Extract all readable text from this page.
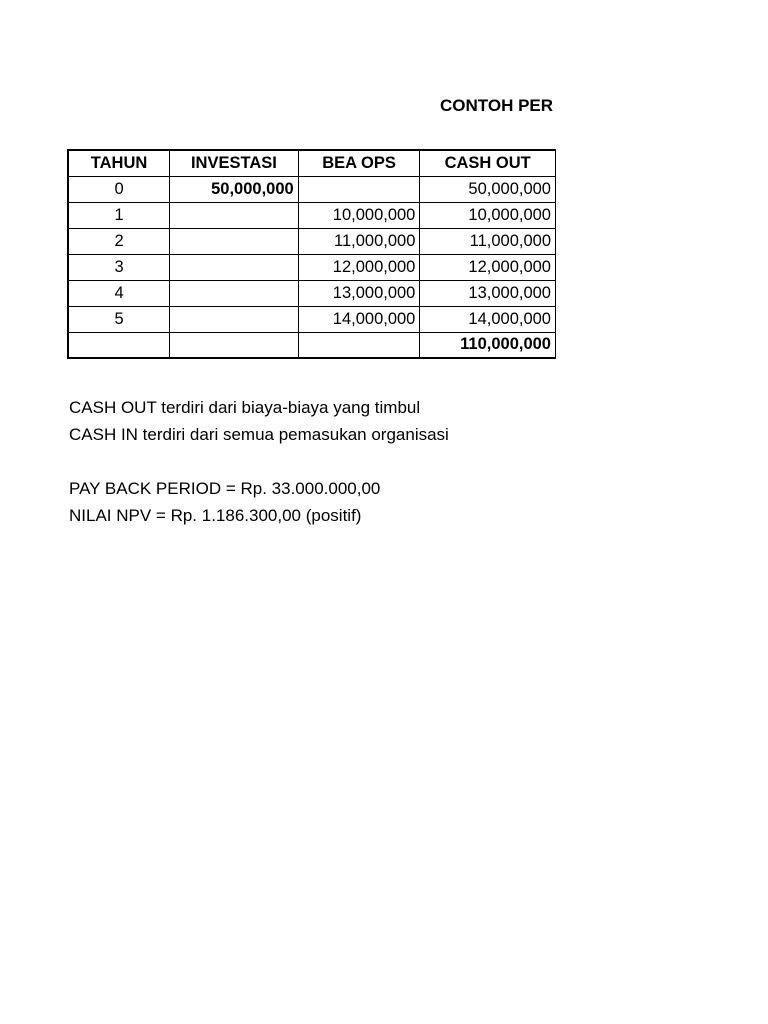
CONTOH PER
TAHUN	INVESTASI	BEA OPS	CASH OUT
0	50,000,000		50,000,000
1		10,000,000	10,000,000
2		11,000,000	11,000,000
3		12,000,000	12,000,000
4		13,000,000	13,000,000
5		14,000,000	14,000,000
			110,000,000
CASH OUT terdiri dari biaya-biaya yang timbul
CASH IN terdiri dari semua pemasukan organisasi
PAY BACK PERIOD = Rp. 33.000.000,00
NILAI NPV = Rp. 1.186.300,00 (positif)
